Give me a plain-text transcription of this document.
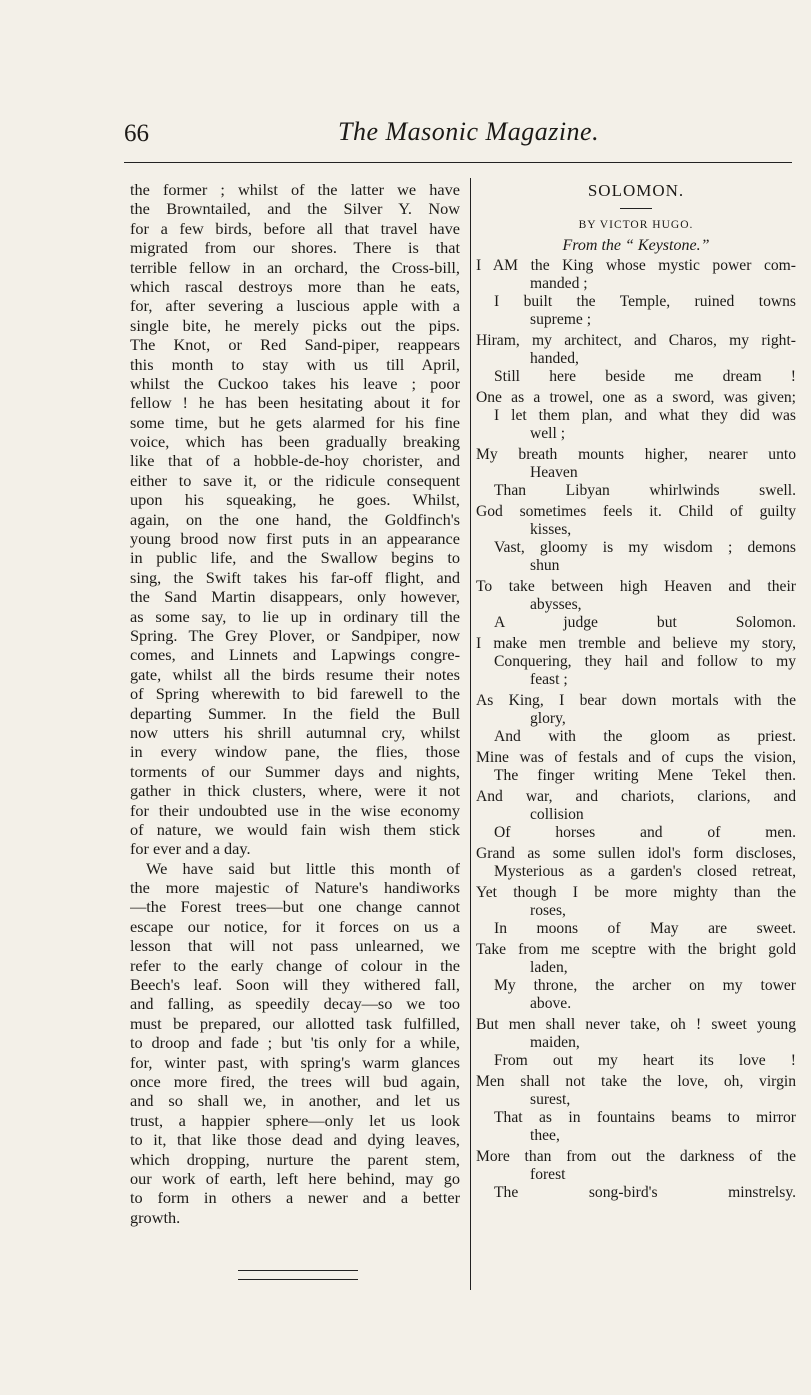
66	The Masonic Magazine.
the former ; whilst of the latter we have
the Browntailed, and the Silver Y. Now
for a few birds, before all that travel have
migrated from our shores. There is that
terrible fellow in an orchard, the Cross-bill,
which rascal destroys more than he eats,
for, after severing a luscious apple with a
single bite, he merely picks out the pips.
The Knot, or Red Sand-piper, reappears
this month to stay with us till April,
whilst the Cuckoo takes his leave ; poor
fellow ! he has been hesitating about it for
some time, but he gets alarmed for his fine
voice, which has been gradually breaking
like that of a hobble-de-hoy chorister, and
either to save it, or the ridicule consequent
upon his squeaking, he goes. Whilst,
again, on the one hand, the Goldfinch's
young brood now first puts in an appearance
in public life, and the Swallow begins to
sing, the Swift takes his far-off flight, and
the Sand Martin disappears, only however,
as some say, to lie up in ordinary till the
Spring. The Grey Plover, or Sandpiper, now
comes, and Linnets and Lapwings congre-
gate, whilst all the birds resume their notes
of Spring wherewith to bid farewell to the
departing Summer. In the field the Bull
now utters his shrill autumnal cry, whilst
in every window pane, the flies, those
torments of our Summer days and nights,
gather in thick clusters, where, were it not
for their undoubted use in the wise economy
of nature, we would fain wish them stick
for ever and a day.
We have said but little this month of
the more majestic of Nature's handiworks
—the Forest trees—but one change cannot
escape our notice, for it forces on us a
lesson that will not pass unlearned, we
refer to the early change of colour in the
Beech's leaf. Soon will they withered fall,
and falling, as speedily decay—so we too
must be prepared, our allotted task fulfilled,
to droop and fade ; but 'tis only for a while,
for, winter past, with spring's warm glances
once more fired, the trees will bud again,
and so shall we, in another, and let us
trust, a happier sphere—only let us look
to it, that like those dead and dying leaves,
which dropping, nurture the parent stem,
our work of earth, left here behind, may go
to form in others a newer and a better
growth.
SOLOMON.
BY VICTOR HUGO.
From the “ Keystone.”
I AM the King whose mystic power com-
manded ;
I built the Temple, ruined towns
supreme ;
Hiram, my architect, and Charos, my right-
handed,
Still here beside me dream !
One as a trowel, one as a sword, was given;
I let them plan, and what they did was
well ;
My breath mounts higher, nearer unto
Heaven
Than Libyan whirlwinds swell.
God sometimes feels it. Child of guilty
kisses,
Vast, gloomy is my wisdom ; demons
shun
To take between high Heaven and their
abysses,
A judge but Solomon.
I make men tremble and believe my story,
Conquering, they hail and follow to my
feast ;
As King, I bear down mortals with the
glory,
And with the gloom as priest.
Mine was of festals and of cups the vision,
The finger writing Mene Tekel then.
And war, and chariots, clarions, and
collision
Of horses and of men.
Grand as some sullen idol's form discloses,
Mysterious as a garden's closed retreat,
Yet though I be more mighty than the
roses,
In moons of May are sweet.
Take from me sceptre with the bright gold
laden,
My throne, the archer on my tower
above.
But men shall never take, oh ! sweet young
maiden,
From out my heart its love !
Men shall not take the love, oh, virgin
surest,
That as in fountains beams to mirror
thee,
More than from out the darkness of the
forest
The song-bird's minstrelsy.
